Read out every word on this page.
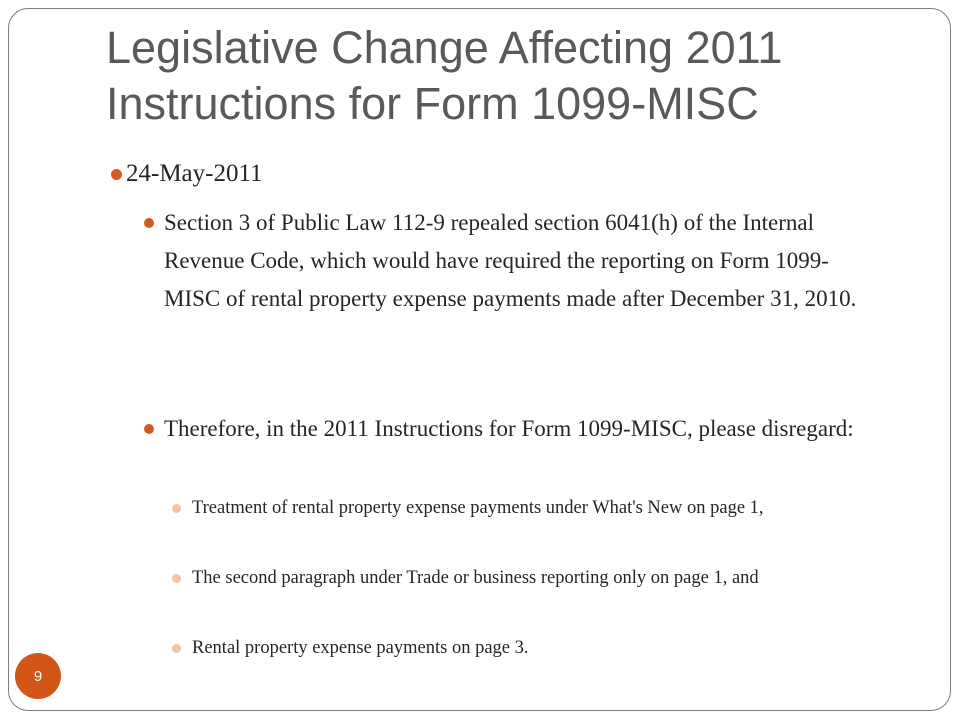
Legislative Change Affecting 2011
Instructions for Form 1099-MISC
24-May-2011
Section 3 of Public Law 112-9 repealed section 6041(h) of the Internal Revenue Code, which would have required the reporting on Form 1099-MISC of rental property expense payments made after December 31, 2010.
Therefore, in the 2011 Instructions for Form 1099-MISC, please disregard:
Treatment of rental property expense payments under What's New on page 1,
The second paragraph under Trade or business reporting only on page 1, and
Rental property expense payments on page 3.
9
